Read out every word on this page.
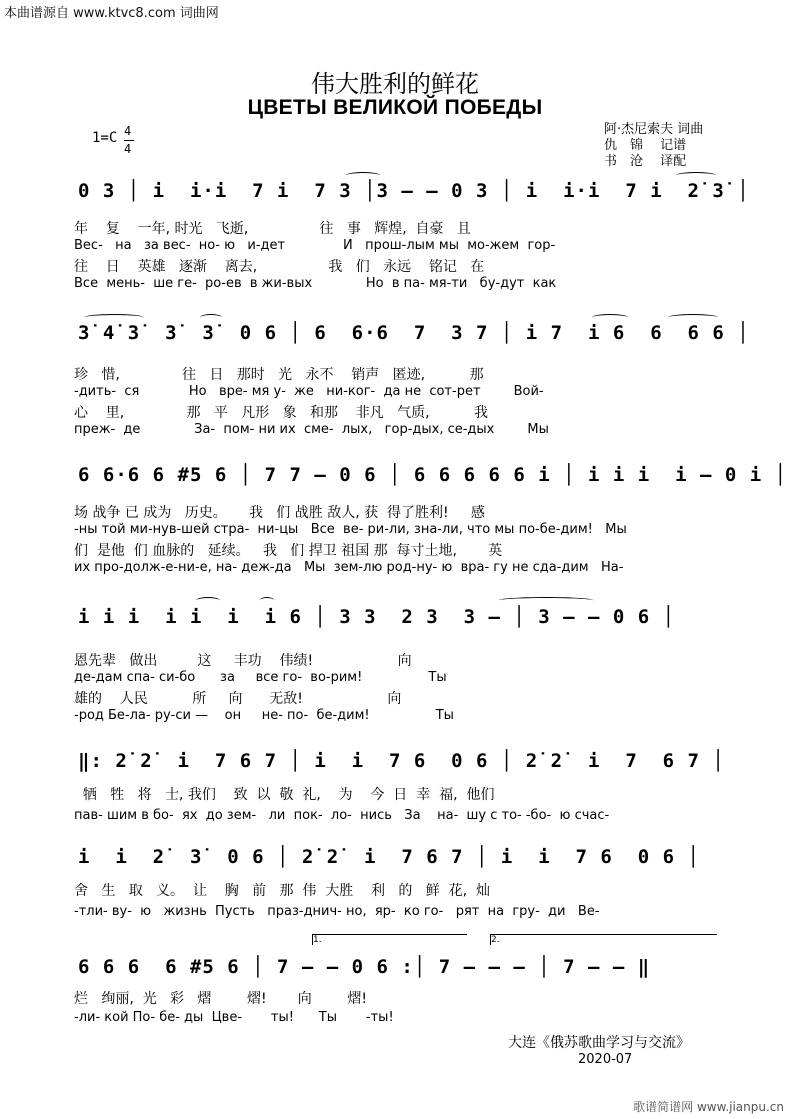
本曲谱源自 www.ktvc8.com 词曲网
伟大胜利的鲜花
ЦВЕТЫ ВЕЛИКОЙ ПОБЕДЫ
阿·杰尼索夫 词曲
仇　锦　 记谱
书　沧　 译配
1=C 4
4
0 3 │ i  i·i  7 i  7 3 │3 – – 0 3 │ i  i·i  7 i  2̇ 3̇ │
年    复    一年, 时光   飞逝,                往   事   辉煌,  自豪   且
Вес-   на   за вес-  но- ю   и-дет              И   прош-лым мы  мо-жем  гор-
往    日    英雄   逐渐    离去,                我   们   永远    铭记   在
Все  мень-  ше ге-  ро-ев  в жи-вых             Но  в па- мя-ти   бу-дут  как
3̇ 4̇ 3̇  3̇  3̇  0 6 │ 6  6·6  7  3 7 │ i 7  i 6  6  6 6 │
珍   惜,              往   日   那时   光   永不    销声   匿迹,          那
-дить-  ся            Но   вре- мя у-  же   ни-ког-  да не  сот-рет        Вой-
心    里,              那   平   凡形   象   和那    非凡   气质,          我
преж-  де             За-  пом- ни их  сме-  лых,   гор-дых, се-дых        Мы
6 6·6 6 #5 6 │ 7 7 – 0 6 │ 6 6 6 6 6 i │ i i i  i – 0 i │
场 战争 已 成为   历史。     我   们 战胜 敌人, 获  得了胜利!     感
-ны той ми-нув-шей стра-  ни-цы   Все  ве- ри-ли, зна-ли, что мы по-бе-дим!   Мы
们  是他  们 血脉的   延续。   我   们 捍卫 祖国 那  每寸土地,       英
их про-долж-е-ни-е, на- деж-да   Мы  зем-лю род-ну- ю  вра- гу не сда-дим   На-
i i i  i i  i  i 6 │ 3 3  2 3  3 – │ 3 – – 0 6 │
恩先辈   做出         这     丰功    伟绩!                   向
де-дам спа- си-бо      за     все го-  во-рим!                Ты
雄的    人民          所     向      无敌!                   向
-род Бе-ла- ру-си —    он     не- по-  бе-дим!                Ты
‖: 2̇ 2̇  i  7 6 7 │ i  i  7 6  0 6 │ 2̇ 2̇  i  7  6 7 │
牺   牲   将   士, 我们    致  以  敬  礼,    为    今  日  幸  福,  他们
пав- шим в бо-  ях  до зем-   ли  пок-  ло-  нись   За    на-  шу с то- -бо-  ю счас-
i  i  2̇  3̇  0 6 │ 2̇ 2̇  i  7 6 7 │ i  i  7 6  0 6 │
舍   生   取   义。  让    胸   前   那  伟  大胜    利   的   鲜  花,  灿
-тли- ву-  ю   жизнь  Пусть   праз-днич- но,  яр-  ко го-   рят  на  гру-  ди   Ве-
1.	2.
6 6 6  6 #5 6 │ 7 – – 0 6 :│ 7 – – – │ 7 – – ‖
烂   绚丽,  光   彩   熠        熠!       向        熠!
-ли- кой По- бе- ды  Цве-       ты!      Ты       -ты!
大连《俄苏歌曲学习与交流》
2020-07
歌谱简谱网 www.jianpu.cn
